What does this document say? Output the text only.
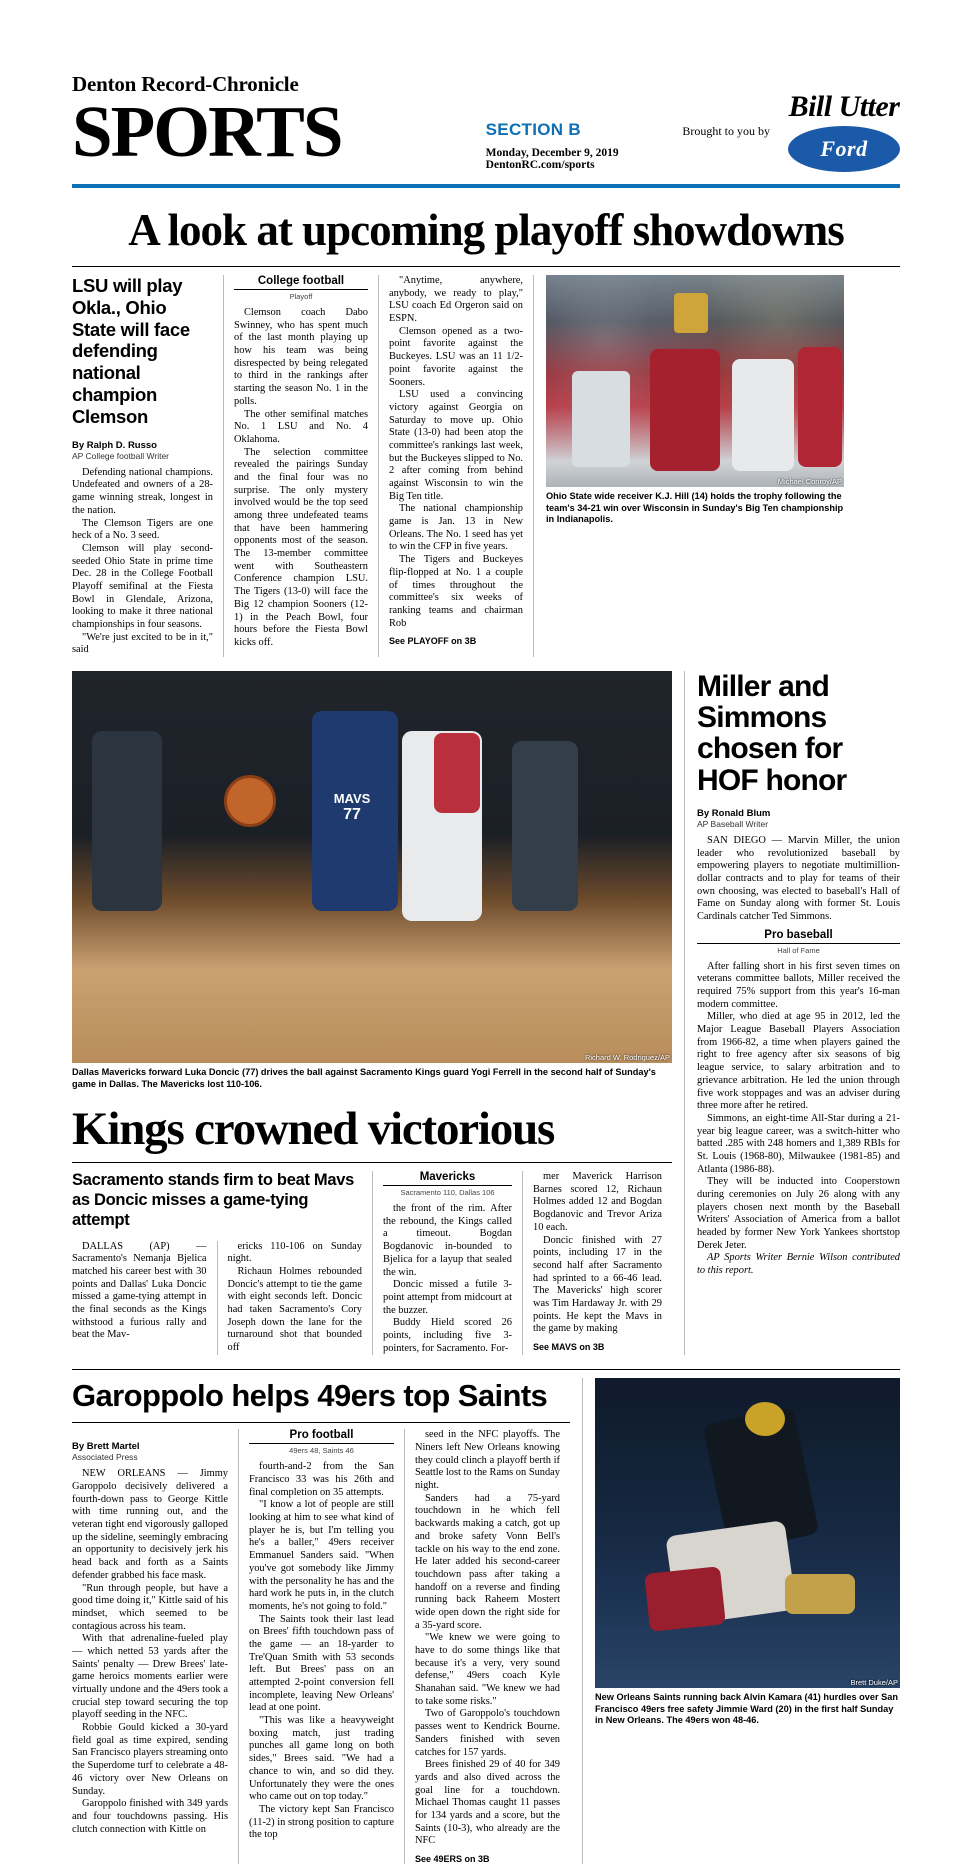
Denton Record-Chronicle
SPORTS	SECTION B
Monday, December 9, 2019
DentonRC.com/sports
Brought to you by
Bill Utter
Ford
A look at upcoming playoff showdowns
LSU will play Okla., Ohio State will face defending national champion Clemson
By Ralph D. Russo
AP College football Writer

Defending national champions. Undefeated and owners of a 28-game winning streak, longest in the nation.

The Clemson Tigers are one heck of a No. 3 seed.

Clemson will play second-seeded Ohio State in prime time Dec. 28 in the College Football Playoff semifinal at the Fiesta Bowl in Glendale, Arizona, looking to make it three national championships in four seasons.

"We're just excited to be in it," said

College football
Playoff

Clemson coach Dabo Swinney, who has spent much of the last month playing up how his team was being disrespected by being relegated to third in the rankings after starting the season No. 1 in the polls.

The other semifinal matches No. 1 LSU and No. 4 Oklahoma.

The selection committee revealed the pairings Sunday and the final four was no surprise. The only mystery involved would be the top seed among three undefeated teams that have been hammering opponents most of the season. The 13-member committee went with Southeastern Conference champion LSU. The Tigers (13-0) will face the Big 12 champion Sooners (12-1) in the Peach Bowl, four hours before the Fiesta Bowl kicks off.

"Anytime, anywhere, anybody, we ready to play," LSU coach Ed Orgeron said on ESPN.

Clemson opened as a two-point favorite against the Buckeyes. LSU was an 11 1/2-point favorite against the Sooners.

LSU used a convincing victory against Georgia on Saturday to move up. Ohio State (13-0) had been atop the committee's rankings last week, but the Buckeyes slipped to No. 2 after coming from behind against Wisconsin to win the Big Ten title.

The national championship game is Jan. 13 in New Orleans. The No. 1 seed has yet to win the CFP in five years.

The Tigers and Buckeyes flip-flopped at No. 1 a couple of times throughout the committee's six weeks of ranking teams and chairman Rob

See PLAYOFF on 3B
Michael Conroy/AP
Ohio State wide receiver K.J. Hill (14) holds the trophy following the team's 34-21 win over Wisconsin in Sunday's Big Ten championship in Indianapolis.
MAVS
77
Richard W. Rodriguez/AP
Dallas Mavericks forward Luka Doncic (77) drives the ball against Sacramento Kings guard Yogi Ferrell in the second half of Sunday's game in Dallas. The Mavericks lost 110-106.
Kings crowned victorious
Sacramento stands firm to beat Mavs as Doncic misses a game-tying attempt

DALLAS (AP) — Sacramento's Nemanja Bjelica matched his career best with 30 points and Dallas' Luka Doncic missed a game-tying attempt in the final seconds as the Kings withstood a furious rally and beat the Mav-

ericks 110-106 on Sunday night.

Richaun Holmes rebounded Doncic's attempt to tie the game with eight seconds left. Doncic had taken Sacramento's Cory Joseph down the lane for the turnaround shot that bounded off

Mavericks
Sacramento 110, Dallas 106

the front of the rim. After the rebound, the Kings called a timeout. Bogdan Bogdanovic in-bounded to Bjelica for a layup that sealed the win.

Doncic missed a futile 3-point attempt from midcourt at the buzzer.

Buddy Hield scored 26 points, including five 3-pointers, for Sacramento. For-

mer Maverick Harrison Barnes scored 12, Richaun Holmes added 12 and Bogdan Bogdanovic and Trevor Ariza 10 each.

Doncic finished with 27 points, including 17 in the second half after Sacramento had sprinted to a 66-46 lead. The Mavericks' high scorer was Tim Hardaway Jr. with 29 points. He kept the Mavs in the game by making

See MAVS on 3B
Miller and Simmons chosen for HOF honor
By Ronald Blum
AP Baseball Writer

SAN DIEGO — Marvin Miller, the union leader who revolutionized baseball by empowering players to negotiate multimillion-dollar contracts and to play for teams of their own choosing, was elected to baseball's Hall of Fame on Sunday along with former St. Louis Cardinals catcher Ted Simmons.

Pro baseball
Hall of Fame

After falling short in his first seven times on veterans committee ballots, Miller received the required 75% support from this year's 16-man modern committee.

Miller, who died at age 95 in 2012, led the Major League Baseball Players Association from 1966-82, a time when players gained the right to free agency after six seasons of big league service, to salary arbitration and to grievance arbitration. He led the union through five work stoppages and was an adviser during three more after he retired.

Simmons, an eight-time All-Star during a 21-year big league career, was a switch-hitter who batted .285 with 248 homers and 1,389 RBIs for St. Louis (1968-80), Milwaukee (1981-85) and Atlanta (1986-88).

They will be inducted into Cooperstown during ceremonies on July 26 along with any players chosen next month by the Baseball Writers' Association of America from a ballot headed by former New York Yankees shortstop Derek Jeter.

AP Sports Writer Bernie Wilson contributed to this report.

Garoppolo helps 49ers top Saints
By Brett Martel
Associated Press

NEW ORLEANS — Jimmy Garoppolo decisively delivered a fourth-down pass to George Kittle with time running out, and the veteran tight end vigorously galloped up the sideline, seemingly embracing an opportunity to decisively jerk his head back and forth as a Saints defender grabbed his face mask.

"Run through people, but have a good time doing it," Kittle said of his mindset, which seemed to be contagious across his team.

With that adrenaline-fueled play — which netted 53 yards after the Saints' penalty — Drew Brees' late-game heroics moments earlier were virtually undone and the 49ers took a crucial step toward securing the top playoff seeding in the NFC.

Robbie Gould kicked a 30-yard field goal as time expired, sending San Francisco players streaming onto the Superdome turf to celebrate a 48-46 victory over New Orleans on Sunday.

Garoppolo finished with 349 yards and four touchdowns passing. His clutch connection with Kittle on

Pro football
49ers 48, Saints 46

fourth-and-2 from the San Francisco 33 was his 26th and final completion on 35 attempts.

"I know a lot of people are still looking at him to see what kind of player he is, but I'm telling you he's a baller," 49ers receiver Emmanuel Sanders said. "When you've got somebody like Jimmy with the personality he has and the hard work he puts in, in the clutch moments, he's not going to fold."

The Saints took their last lead on Brees' fifth touchdown pass of the game — an 18-yarder to Tre'Quan Smith with 53 seconds left. But Brees' pass on an attempted 2-point conversion fell incomplete, leaving New Orleans' lead at one point.

"This was like a heavyweight boxing match, just trading punches all game long on both sides," Brees said. "We had a chance to win, and so did they. Unfortunately they were the ones who came out on top today."

The victory kept San Francisco (11-2) in strong position to capture the top

seed in the NFC playoffs. The Niners left New Orleans knowing they could clinch a playoff berth if Seattle lost to the Rams on Sunday night.

Sanders had a 75-yard touchdown in he which fell backwards making a catch, got up and broke safety Vonn Bell's tackle on his way to the end zone. He later added his second-career touchdown pass after taking a handoff on a reverse and finding running back Raheem Mostert wide open down the right side for a 35-yard score.

"We knew we were going to have to do some things like that because it's a very, very sound defense," 49ers coach Kyle Shanahan said. "We knew we had to take some risks."

Two of Garoppolo's touchdown passes went to Kendrick Bourne. Sanders finished with seven catches for 157 yards.

Brees finished 29 of 40 for 349 yards and also dived across the goal line for a touchdown. Michael Thomas caught 11 passes for 134 yards and a score, but the Saints (10-3), who already are the NFC

See 49ERS on 3B
Brett Duke/AP
New Orleans Saints running back Alvin Kamara (41) hurdles over San Francisco 49ers free safety Jimmie Ward (20) in the first half Sunday in New Orleans. The 49ers won 48-46.
